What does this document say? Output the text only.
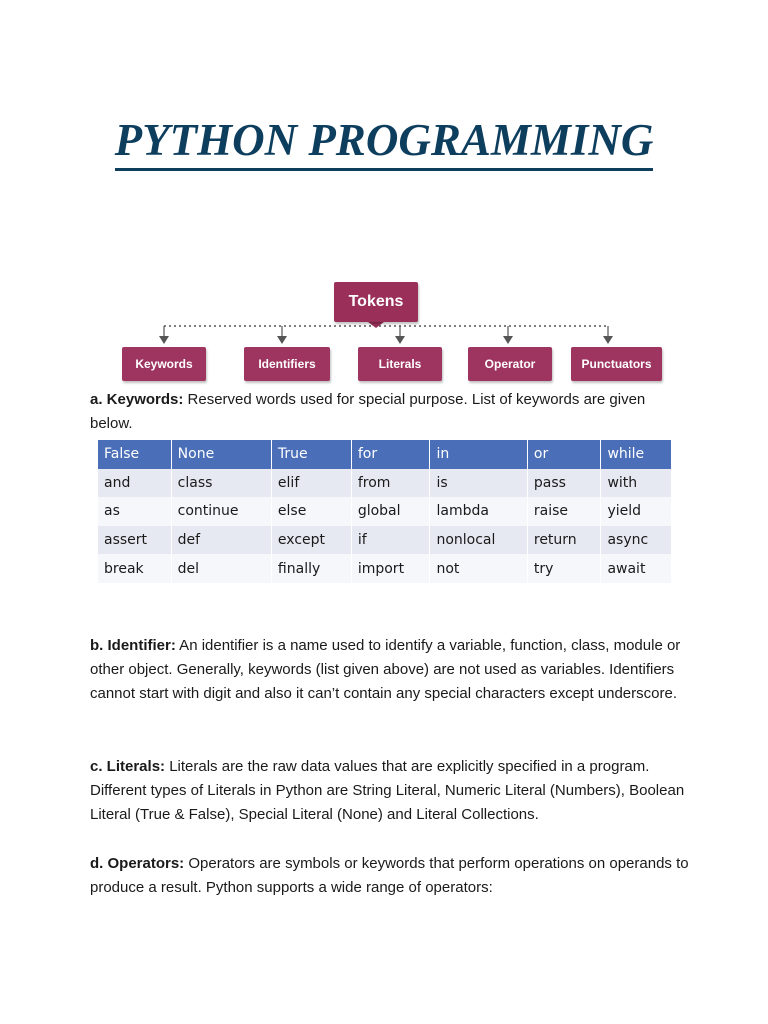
PYTHON PROGRAMMING
Tokens
Keywords	Identifiers	Literals	Operator	Punctuators

a. Keywords: Reserved words used for special purpose. List of keywords are given below.

False	None	True	for	in	or	while
and	class	elif	from	is	pass	with
as	continue	else	global	lambda	raise	yield
assert	def	except	if	nonlocal	return	async
break	del	finally	import	not	try	await

b. Identifier: An identifier is a name used to identify a variable, function, class, module or other object. Generally, keywords (list given above) are not used as variables. Identifiers cannot start with digit and also it can’t contain any special characters except underscore.

c. Literals: Literals are the raw data values that are explicitly specified in a program. Different types of Literals in Python are String Literal, Numeric Literal (Numbers), Boolean Literal (True & False), Special Literal (None) and Literal Collections.

d. Operators: Operators are symbols or keywords that perform operations on operands to produce a result. Python supports a wide range of operators:
